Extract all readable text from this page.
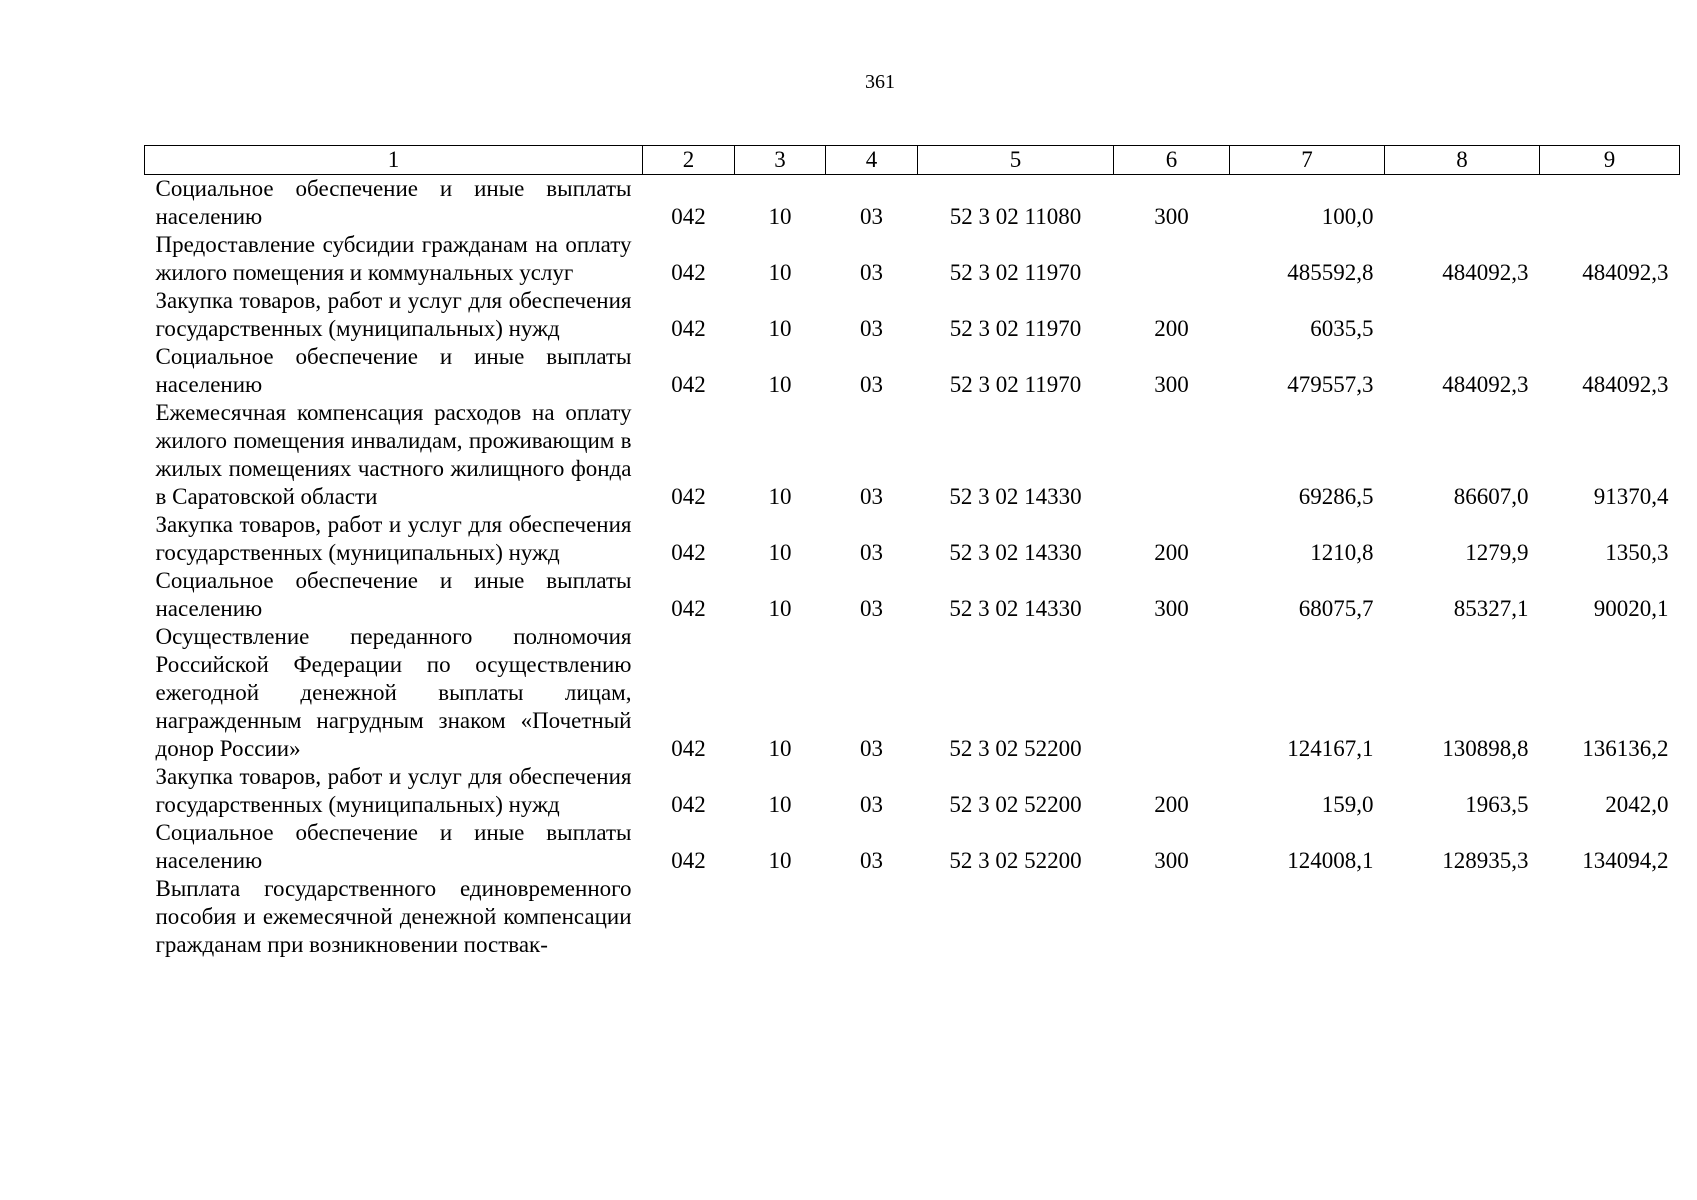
361
1	2	3	4	5	6	7	8	9
Социальное обеспечение и иные выплаты населению	042	10	03	52 3 02 11080	300	100,0		
Предоставление субсидии гражданам на оплату жилого помещения и коммунальных услуг	042	10	03	52 3 02 11970		485592,8	484092,3	484092,3
Закупка товаров, работ и услуг для обеспечения государственных (муниципальных) нужд	042	10	03	52 3 02 11970	200	6035,5		
Социальное обеспечение и иные выплаты населению	042	10	03	52 3 02 11970	300	479557,3	484092,3	484092,3
Ежемесячная компенсация расходов на оплату жилого помещения инвалидам, проживающим в жилых помещениях частного жилищного фонда в Саратовской области	042	10	03	52 3 02 14330		69286,5	86607,0	91370,4
Закупка товаров, работ и услуг для обеспечения государственных (муниципальных) нужд	042	10	03	52 3 02 14330	200	1210,8	1279,9	1350,3
Социальное обеспечение и иные выплаты населению	042	10	03	52 3 02 14330	300	68075,7	85327,1	90020,1
Осуществление переданного полномочия Российской Федерации по осуществлению ежегодной денежной выплаты лицам, награжденным нагрудным знаком «Почетный донор России»	042	10	03	52 3 02 52200		124167,1	130898,8	136136,2
Закупка товаров, работ и услуг для обеспечения государственных (муниципальных) нужд	042	10	03	52 3 02 52200	200	159,0	1963,5	2042,0
Социальное обеспечение и иные выплаты населению	042	10	03	52 3 02 52200	300	124008,1	128935,3	134094,2
Выплата государственного единовременного пособия и ежемесячной денежной компенсации гражданам при возникновении поствак-								
